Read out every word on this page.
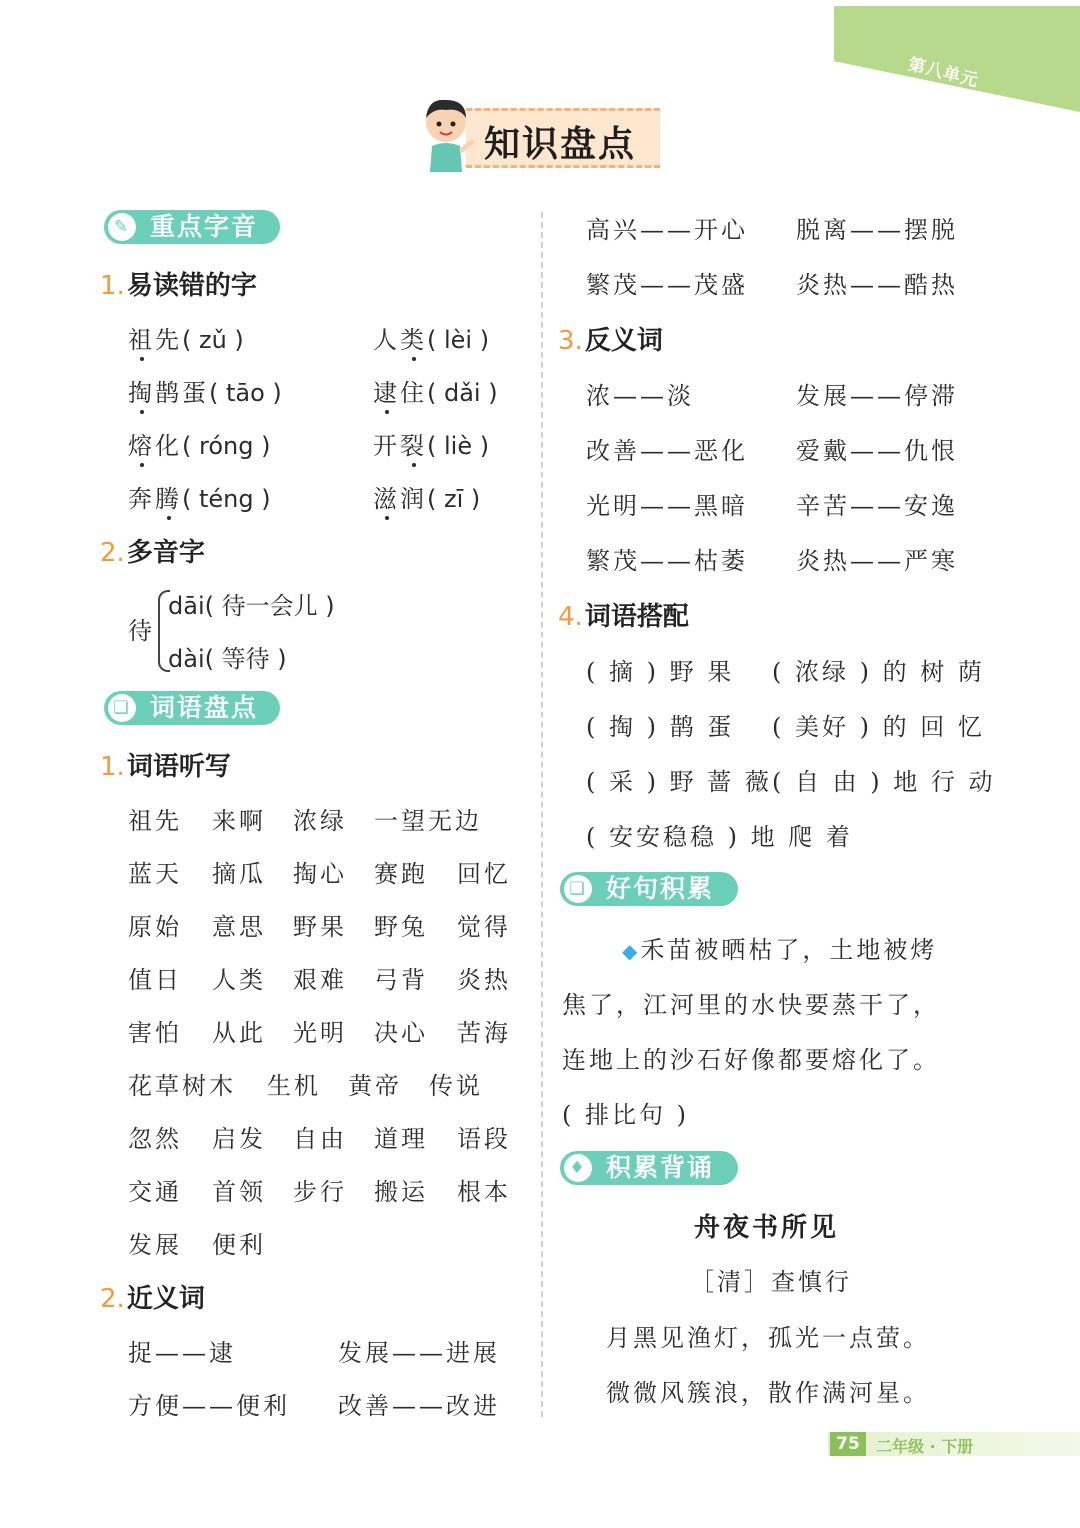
第八单元
知识盘点
✎ 重点字音
1.易读错的字
祖先( zǔ )	人类( lèi )
掏鹊蛋( tāo )	逮住( dǎi )
熔化( róng )	开裂( liè )
奔腾( téng )	滋润( zī )
2.多音字
待
dāi( 待一会儿 )
dài( 等待 )
❏ 词语盘点
1.词语听写
祖先 来啊 浓绿 一望无边
蓝天 摘瓜 掏心 赛跑 回忆
原始 意思 野果 野兔 觉得
值日 人类 艰难 弓背 炎热
害怕 从此 光明 决心 苦海
花草树木 生机 黄帝 传说
忽然 启发 自由 道理 语段
交通 首领 步行 搬运 根本
发展 便利
2.近义词
捉——逮	发展——进展
方便——便利 改善——改进
高兴——开心 脱离——摆脱
繁茂——茂盛 炎热——酷热
3.反义词
浓——淡	发展——停滞
改善——恶化 爱戴——仇恨
光明——黑暗 辛苦——安逸
繁茂——枯萎 炎热——严寒
4.词语搭配
( 摘 ) 野 果 ( 浓绿 ) 的 树 荫
( 掏 ) 鹊 蛋 ( 美好 ) 的 回 忆
( 采 ) 野 蔷 薇 ( 自 由 ) 地 行 动
( 安安稳稳 ) 地 爬 着
❏ 好句积累
◆禾苗被晒枯了，土地被烤
焦了，江河里的水快要蒸干了，
连地上的沙石好像都要熔化了。
( 排比句 )
♦ 积累背诵
舟夜书所见
［清］查慎行
月黑见渔灯，孤光一点萤。
微微风簇浪，散作满河星。
75	二年级 · 下册
